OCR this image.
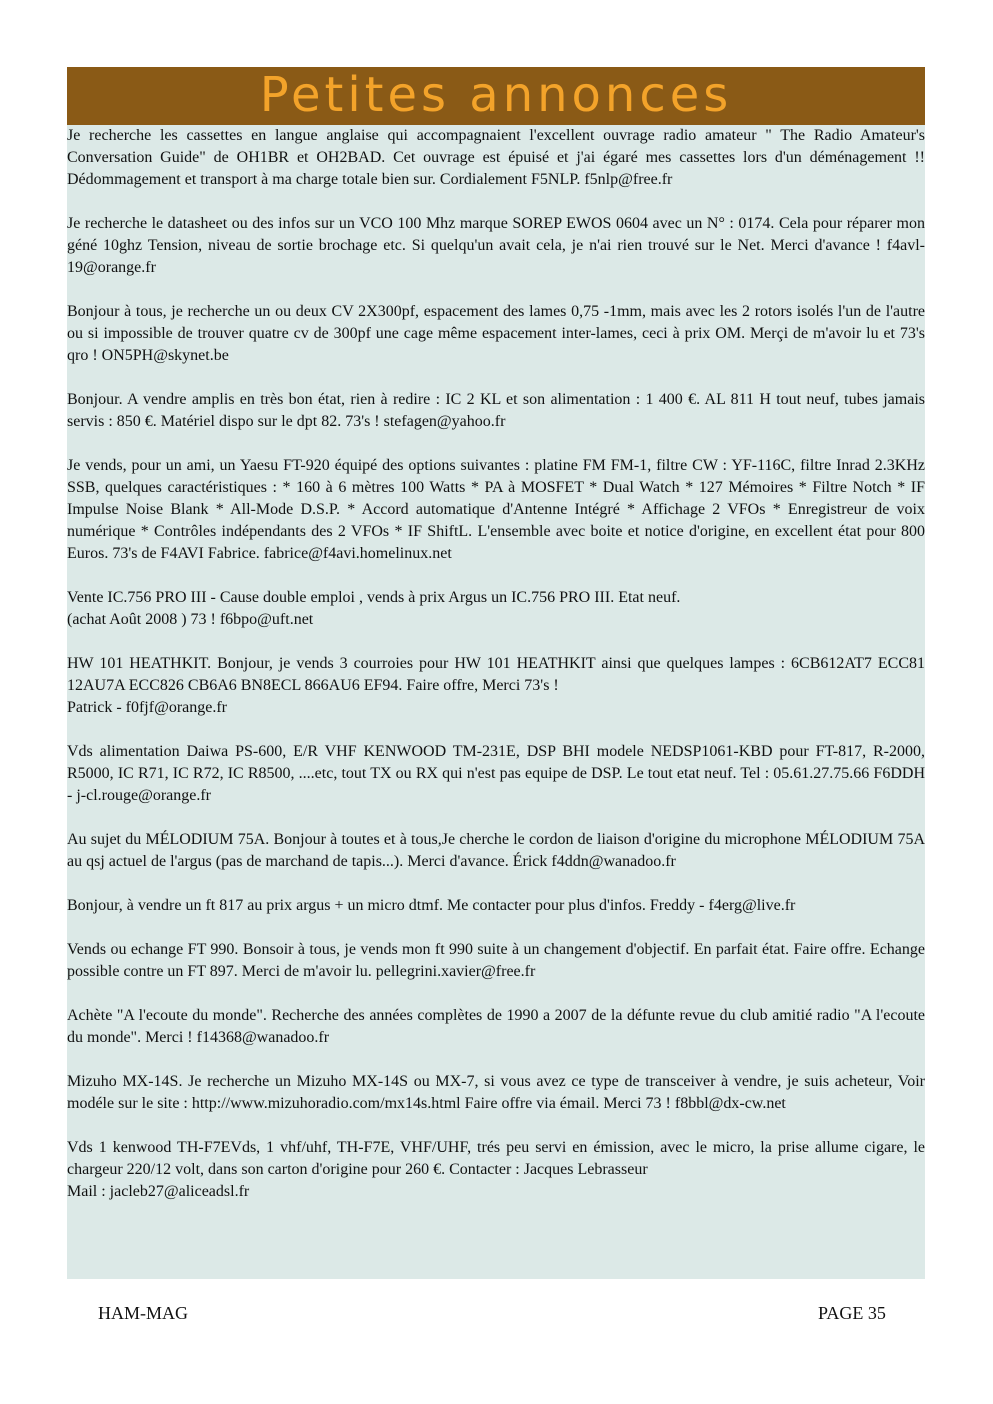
Petites annonces

Je recherche les cassettes en langue anglaise qui accompagnaient l'excellent ouvrage radio amateur " The Radio Amateur's Conversation Guide" de OH1BR et OH2BAD. Cet ouvrage est épuisé et j'ai égaré mes cassettes lors d'un déménagement !! Dédommagement et transport à ma charge totale bien sur. Cordialement F5NLP. f5nlp@free.fr

Je recherche le datasheet ou des infos sur un VCO 100 Mhz marque SOREP EWOS 0604 avec un N° : 0174. Cela pour réparer mon géné 10ghz Tension, niveau de sortie brochage etc. Si quelqu'un avait cela, je n'ai rien trouvé sur le Net. Merci d'avance ! f4avl-19@orange.fr

Bonjour à tous, je recherche un ou deux CV 2X300pf, espacement des lames 0,75 -1mm, mais avec les 2 rotors isolés l'un de l'autre ou si impossible de trouver quatre cv de 300pf une cage même espacement inter-lames, ceci à prix OM. Merçi de m'avoir lu et 73's qro ! ON5PH@skynet.be

Bonjour. A vendre amplis en très bon état, rien à redire : IC 2 KL et son alimentation : 1 400 €. AL 811 H tout neuf, tubes jamais servis : 850 €. Matériel dispo sur le dpt 82. 73's ! stefagen@yahoo.fr

Je vends, pour un ami, un Yaesu FT-920 équipé des options suivantes : platine FM FM-1, filtre CW : YF-116C, filtre Inrad 2.3KHz SSB, quelques caractéristiques : * 160 à 6 mètres 100 Watts * PA à MOSFET * Dual Watch * 127 Mémoires * Filtre Notch * IF Impulse Noise Blank * All-Mode D.S.P. * Accord automatique d'Antenne Intégré * Affichage 2 VFOs * Enregistreur de voix numérique * Contrôles indépendants des 2 VFOs * IF ShiftL. L'ensemble avec boite et notice d'origine, en excellent état pour 800 Euros. 73's de F4AVI Fabrice. fabrice@f4avi.homelinux.net

Vente IC.756 PRO III - Cause double emploi , vends à prix Argus un IC.756 PRO III. Etat neuf.
(achat Août 2008 ) 73 ! f6bpo@uft.net

HW 101 HEATHKIT. Bonjour, je vends 3 courroies pour HW 101 HEATHKIT ainsi que quelques lampes : 6CB612AT7 ECC81 12AU7A ECC826 CB6A6 BN8ECL 866AU6 EF94. Faire offre, Merci 73's !
Patrick - f0fjf@orange.fr

Vds alimentation Daiwa PS-600, E/R VHF KENWOOD TM-231E, DSP BHI modele NEDSP1061-KBD pour FT-817, R-2000, R5000, IC R71, IC R72, IC R8500, ....etc, tout TX ou RX qui n'est pas equipe de DSP. Le tout etat neuf. Tel : 05.61.27.75.66 F6DDH - j-cl.rouge@orange.fr

Au sujet du MÉLODIUM 75A. Bonjour à toutes et à tous,Je cherche le cordon de liaison d'origine du microphone MÉLODIUM 75A au qsj actuel de l'argus (pas de marchand de tapis...). Merci d'avance. Érick f4ddn@wanadoo.fr

Bonjour, à vendre un ft 817 au prix argus + un micro dtmf. Me contacter pour plus d'infos. Freddy - f4erg@live.fr

Vends ou echange FT 990. Bonsoir à tous, je vends mon ft 990 suite à un changement d'objectif. En parfait état. Faire offre. Echange possible contre un FT 897. Merci de m'avoir lu. pellegrini.xavier@free.fr

Achète "A l'ecoute du monde". Recherche des années complètes de 1990 a 2007 de la défunte revue du club amitié radio "A l'ecoute du monde". Merci ! f14368@wanadoo.fr

Mizuho MX-14S. Je recherche un Mizuho MX-14S ou MX-7, si vous avez ce type de transceiver à vendre, je suis acheteur, Voir modéle sur le site : http://www.mizuhoradio.com/mx14s.html Faire offre via émail. Merci 73 ! f8bbl@dx-cw.net

Vds 1 kenwood TH-F7EVds, 1 vhf/uhf, TH-F7E, VHF/UHF, trés peu servi en émission, avec le micro, la prise allume cigare, le chargeur 220/12 volt, dans son carton d'origine pour 260 €. Contacter : Jacques Lebrasseur
Mail : jacleb27@aliceadsl.fr

HAM-MAG	PAGE 35
